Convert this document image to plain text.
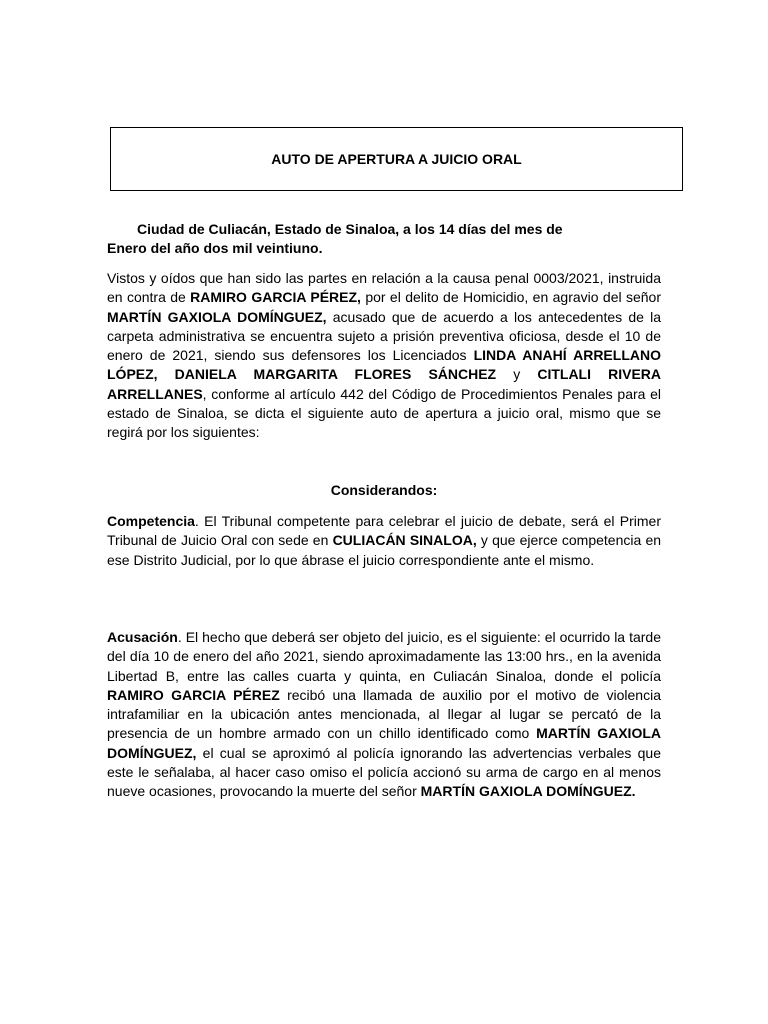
AUTO DE APERTURA A JUICIO ORAL
Ciudad de Culiacán, Estado de Sinaloa, a los 14 días del mes de
Enero del año dos mil veintiuno.

Vistos y oídos que han sido las partes en relación a la causa penal 0003/2021, instruida en contra de RAMIRO GARCIA PÉREZ, por el delito de Homicidio, en agravio del señor MARTÍN GAXIOLA DOMÍNGUEZ, acusado que de acuerdo a los antecedentes de la carpeta administrativa se encuentra sujeto a prisión preventiva oficiosa, desde el 10 de enero de 2021, siendo sus defensores los Licenciados LINDA ANAHÍ ARRELLANO LÓPEZ, DANIELA MARGARITA FLORES SÁNCHEZ y CITLALI RIVERA ARRELLANES, conforme al artículo 442 del Código de Procedimientos Penales para el estado de Sinaloa, se dicta el siguiente auto de apertura a juicio oral, mismo que se regirá por los siguientes:

Considerandos:

Competencia. El Tribunal competente para celebrar el juicio de debate, será el Primer Tribunal de Juicio Oral con sede en CULIACÁN SINALOA, y que ejerce competencia en ese Distrito Judicial, por lo que ábrase el juicio correspondiente ante el mismo.

Acusación. El hecho que deberá ser objeto del juicio, es el siguiente: el ocurrido la tarde del día 10 de enero del año 2021, siendo aproximadamente las 13:00 hrs., en la avenida Libertad B, entre las calles cuarta y quinta, en Culiacán Sinaloa, donde el policía RAMIRO GARCIA PÉREZ recibó una llamada de auxilio por el motivo de violencia intrafamiliar en la ubicación antes mencionada, al llegar al lugar se percató de la presencia de un hombre armado con un chillo identificado como MARTÍN GAXIOLA DOMÍNGUEZ, el cual se aproximó al policía ignorando las advertencias verbales que este le señalaba, al hacer caso omiso el policía accionó su arma de cargo en al menos nueve ocasiones, provocando la muerte del señor MARTÍN GAXIOLA DOMÍNGUEZ.
